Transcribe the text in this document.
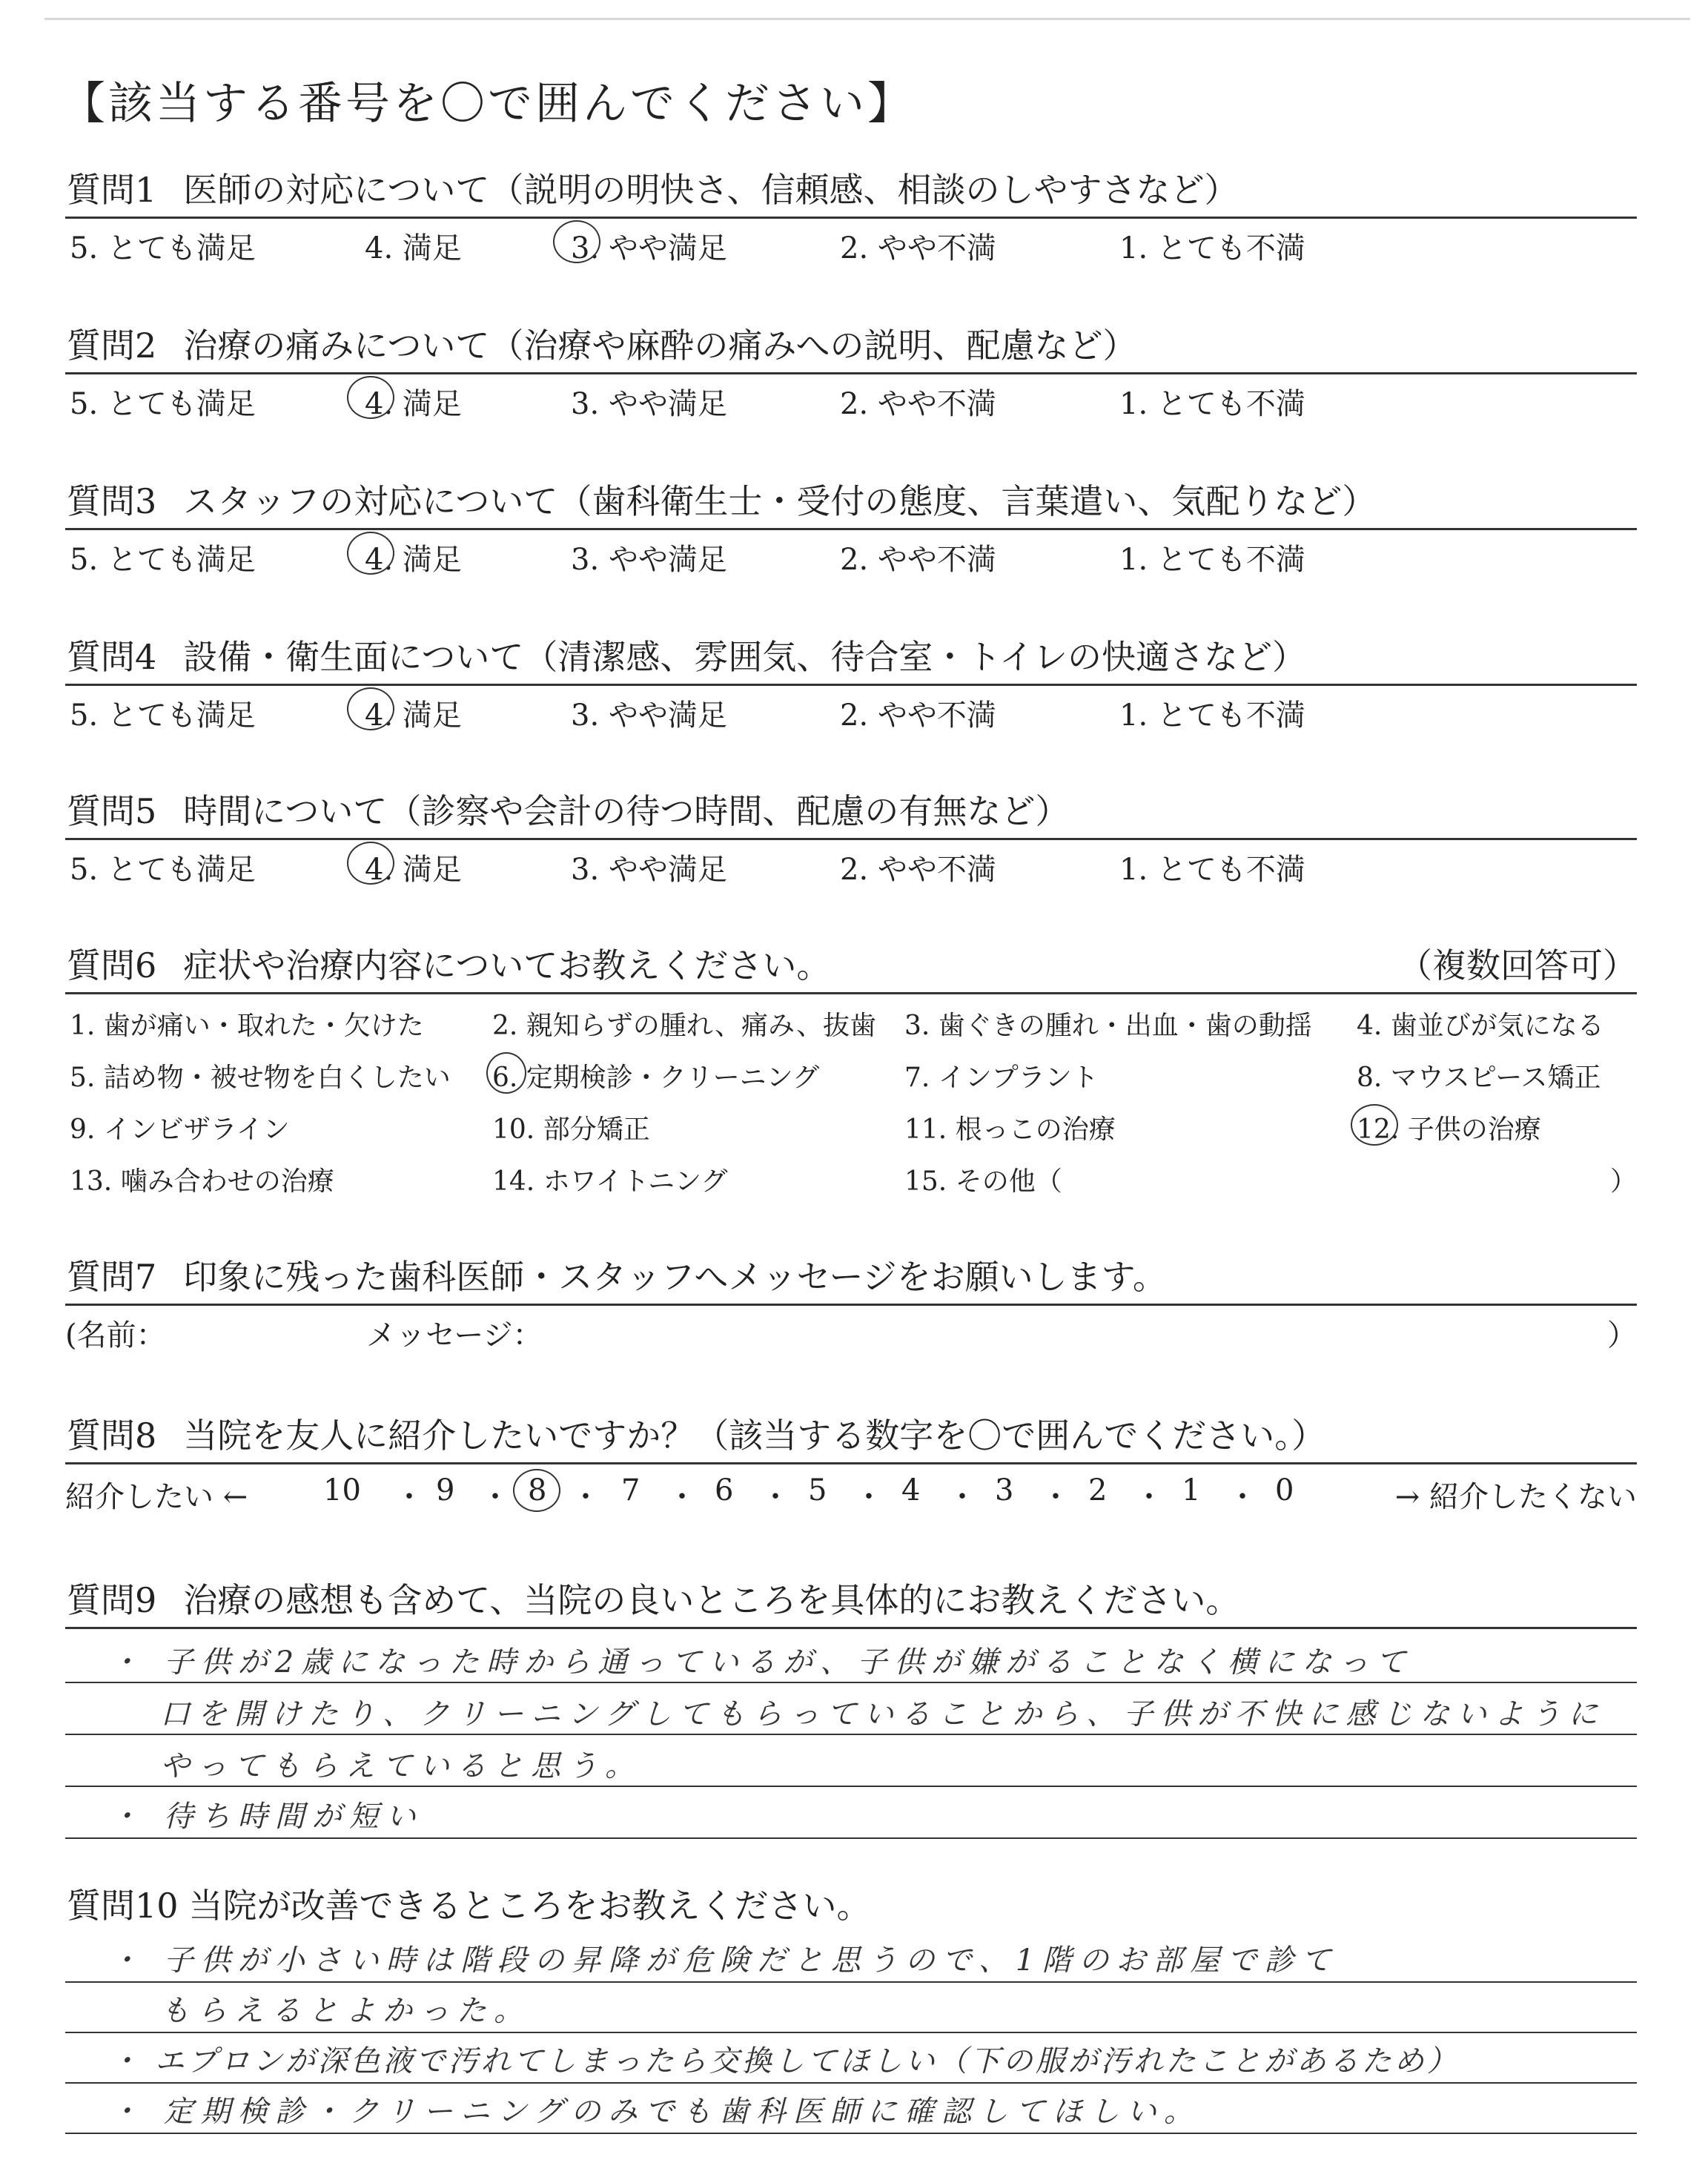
【該当する番号を〇で囲んでください】
質問1 医師の対応について（説明の明快さ、信頼感、相談のしやすさなど）
5. とても満足	4. 満足	3. やや満足	2. やや不満	1. とても不満
質問2 治療の痛みについて（治療や麻酔の痛みへの説明、配慮など）
5. とても満足	4. 満足	3. やや満足	2. やや不満	1. とても不満
質問3 スタッフの対応について（歯科衛生士・受付の態度、言葉遣い、気配りなど）
5. とても満足	4. 満足	3. やや満足	2. やや不満	1. とても不満
質問4 設備・衛生面について（清潔感、雰囲気、待合室・トイレの快適さなど）
5. とても満足	4. 満足	3. やや満足	2. やや不満	1. とても不満
質問5 時間について（診察や会計の待つ時間、配慮の有無など）
5. とても満足	4. 満足	3. やや満足	2. やや不満	1. とても不満
質問6 症状や治療内容についてお教えください。	（複数回答可）
1. 歯が痛い・取れた・欠けた	2. 親知らずの腫れ、痛み、抜歯 3. 歯ぐきの腫れ・出血・歯の動揺 4. 歯並びが気になる
5. 詰め物・被せ物を白くしたい 6. 定期検診・クリーニング	7. インプラント	8. マウスピース矯正
9. インビザライン	10. 部分矯正	11. 根っこの治療	12. 子供の治療
13. 噛み合わせの治療	14. ホワイトニング	15. その他（	）
質問7 印象に残った歯科医師・スタッフへメッセージをお願いします。
(名前：	メッセージ：	）
質問8 当院を友人に紹介したいですか？（該当する数字を〇で囲んでください。）
紹介したい ←	10 ・ 9 ・ 8 ・ 7 ・ 6 ・ 5 ・ 4 ・ 3 ・ 2 ・ 1 ・ 0	→ 紹介したくない
質問9 治療の感想も含めて、当院の良いところを具体的にお教えください。
・ 子供が2歳になった時から通っているが、子供が嫌がることなく横になって
口を開けたり、クリーニングしてもらっていることから、子供が不快に感じないように
やってもらえていると思う。
・ 待ち時間が短い
質問10 当院が改善できるところをお教えください。
・ 子供が小さい時は階段の昇降が危険だと思うので、1階のお部屋で診て
もらえるとよかった。
・ エプロンが深色液で汚れてしまったら交換してほしい（下の服が汚れたことがあるため）
・ 定期検診・クリーニングのみでも歯科医師に確認してほしい。
